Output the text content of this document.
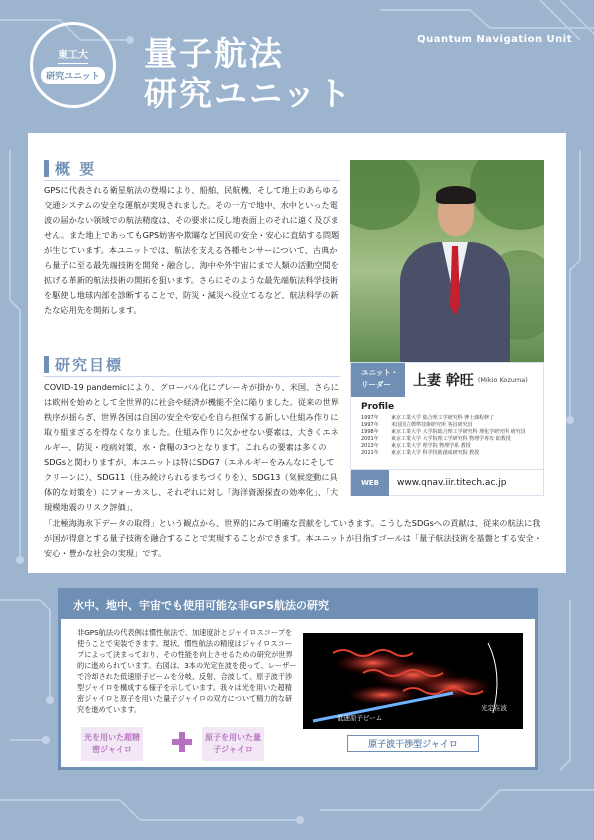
東工大
研究ユニット
量子航法
研究ユニット
Quantum Navigation Unit
概 要
GPSに代表される衛星航法の登場により、船舶、民航機、そして地上のあらゆる交通システムの安全な運航が実現されました。その一方で地中、水中といった電波の届かない領域での航法精度は、その要求に反し地表面上のそれに遠く及びません。また地上であってもGPS妨害や欺瞞など国民の安全・安心に直結する問題が生じています。本ユニットでは、航法を支える各種センサーについて、古典から量子に至る最先端技術を開発・融合し、海中や外宇宙にまで人類の活動空間を拡げる革新的航法技術の開拓を狙います。さらにそのような最先端航法科学技術を駆使し地球内部を診断することで、防災・減災へ役立てるなど、航法科学の新たな応用先を開拓します。
研究目標
COVID-19 pandemicにより、グローバル化にブレーキが掛かり、米国、さらには欧州を始めとして全世界的に社会や経済が機能不全に陥りました。従来の世界秩序が揺らぎ、世界各国は自国の安全や安心を自ら担保する新しい仕組み作りに取り組まざるを得なくなりました。仕組み作りに欠かせない要素は、大きくエネルギー、防災・疫病対策、水・食糧の3つとなります。これらの要素は多くのSDGsと関わりますが、本ユニットは特にSDG7（エネルギーをみんなにそしてクリーンに）、SDG11（住み続けられるまちづくりを）、SDG13（気候変動に具体的な対策を）にフォーカスし、それぞれに対し「海洋資源探査の効率化」、「大規模地震のリスク評価」、
「北極海海氷下データの取得」という観点から、世界的にみて明確な貢献をしていきます。こうしたSDGsへの貢献は、従来の航法に我が国が得意とする量子技術を融合することで実現することができます。本ユニットが目指すゴールは「量子航法技術を基盤とする安全・安心・豊かな社会の実現」です。
ユニット・リーダー	上妻 幹旺 (Mikio Kozuma)
Profile
1997年 東京工業大学 総合理工学研究科 博士課程修了
1997年 米国国立標準技術研究所 客員研究員
1998年 東京工業大学 大学院総合理工学研究科 理化学研究所 研究員
2001年 東京工業大学 大学院理工学研究科 物理学専攻 助教授
2013年 東京工業大学 理学院 物理学系 教授
2021年 東京工業大学 科学技術創成研究院 教授
WEB	www.qnav.iir.titech.ac.jp
水中、地中、宇宙でも使用可能な非GPS航法の研究
非GPS航法の代表例は慣性航法で、加速度計とジャイロスコープを使うことで実装できます。現状、慣性航法の精度はジャイロスコープによって決まっており、その性能を向上させるための研究が世界的に進められています。右図は、3本の光定在波を使って、レーザーで冷却された低速原子ビームを分岐、反射、合波して、原子波干渉型ジャイロを構成する様子を示しています。我々は光を用いた超精密ジャイロと原子を用いた量子ジャイロの双方について精力的な研究を進めています。
光を用いた超精密ジャイロ
原子を用いた量子ジャイロ
低速原子ビーム
光定在波
原子波干渉型ジャイロ
